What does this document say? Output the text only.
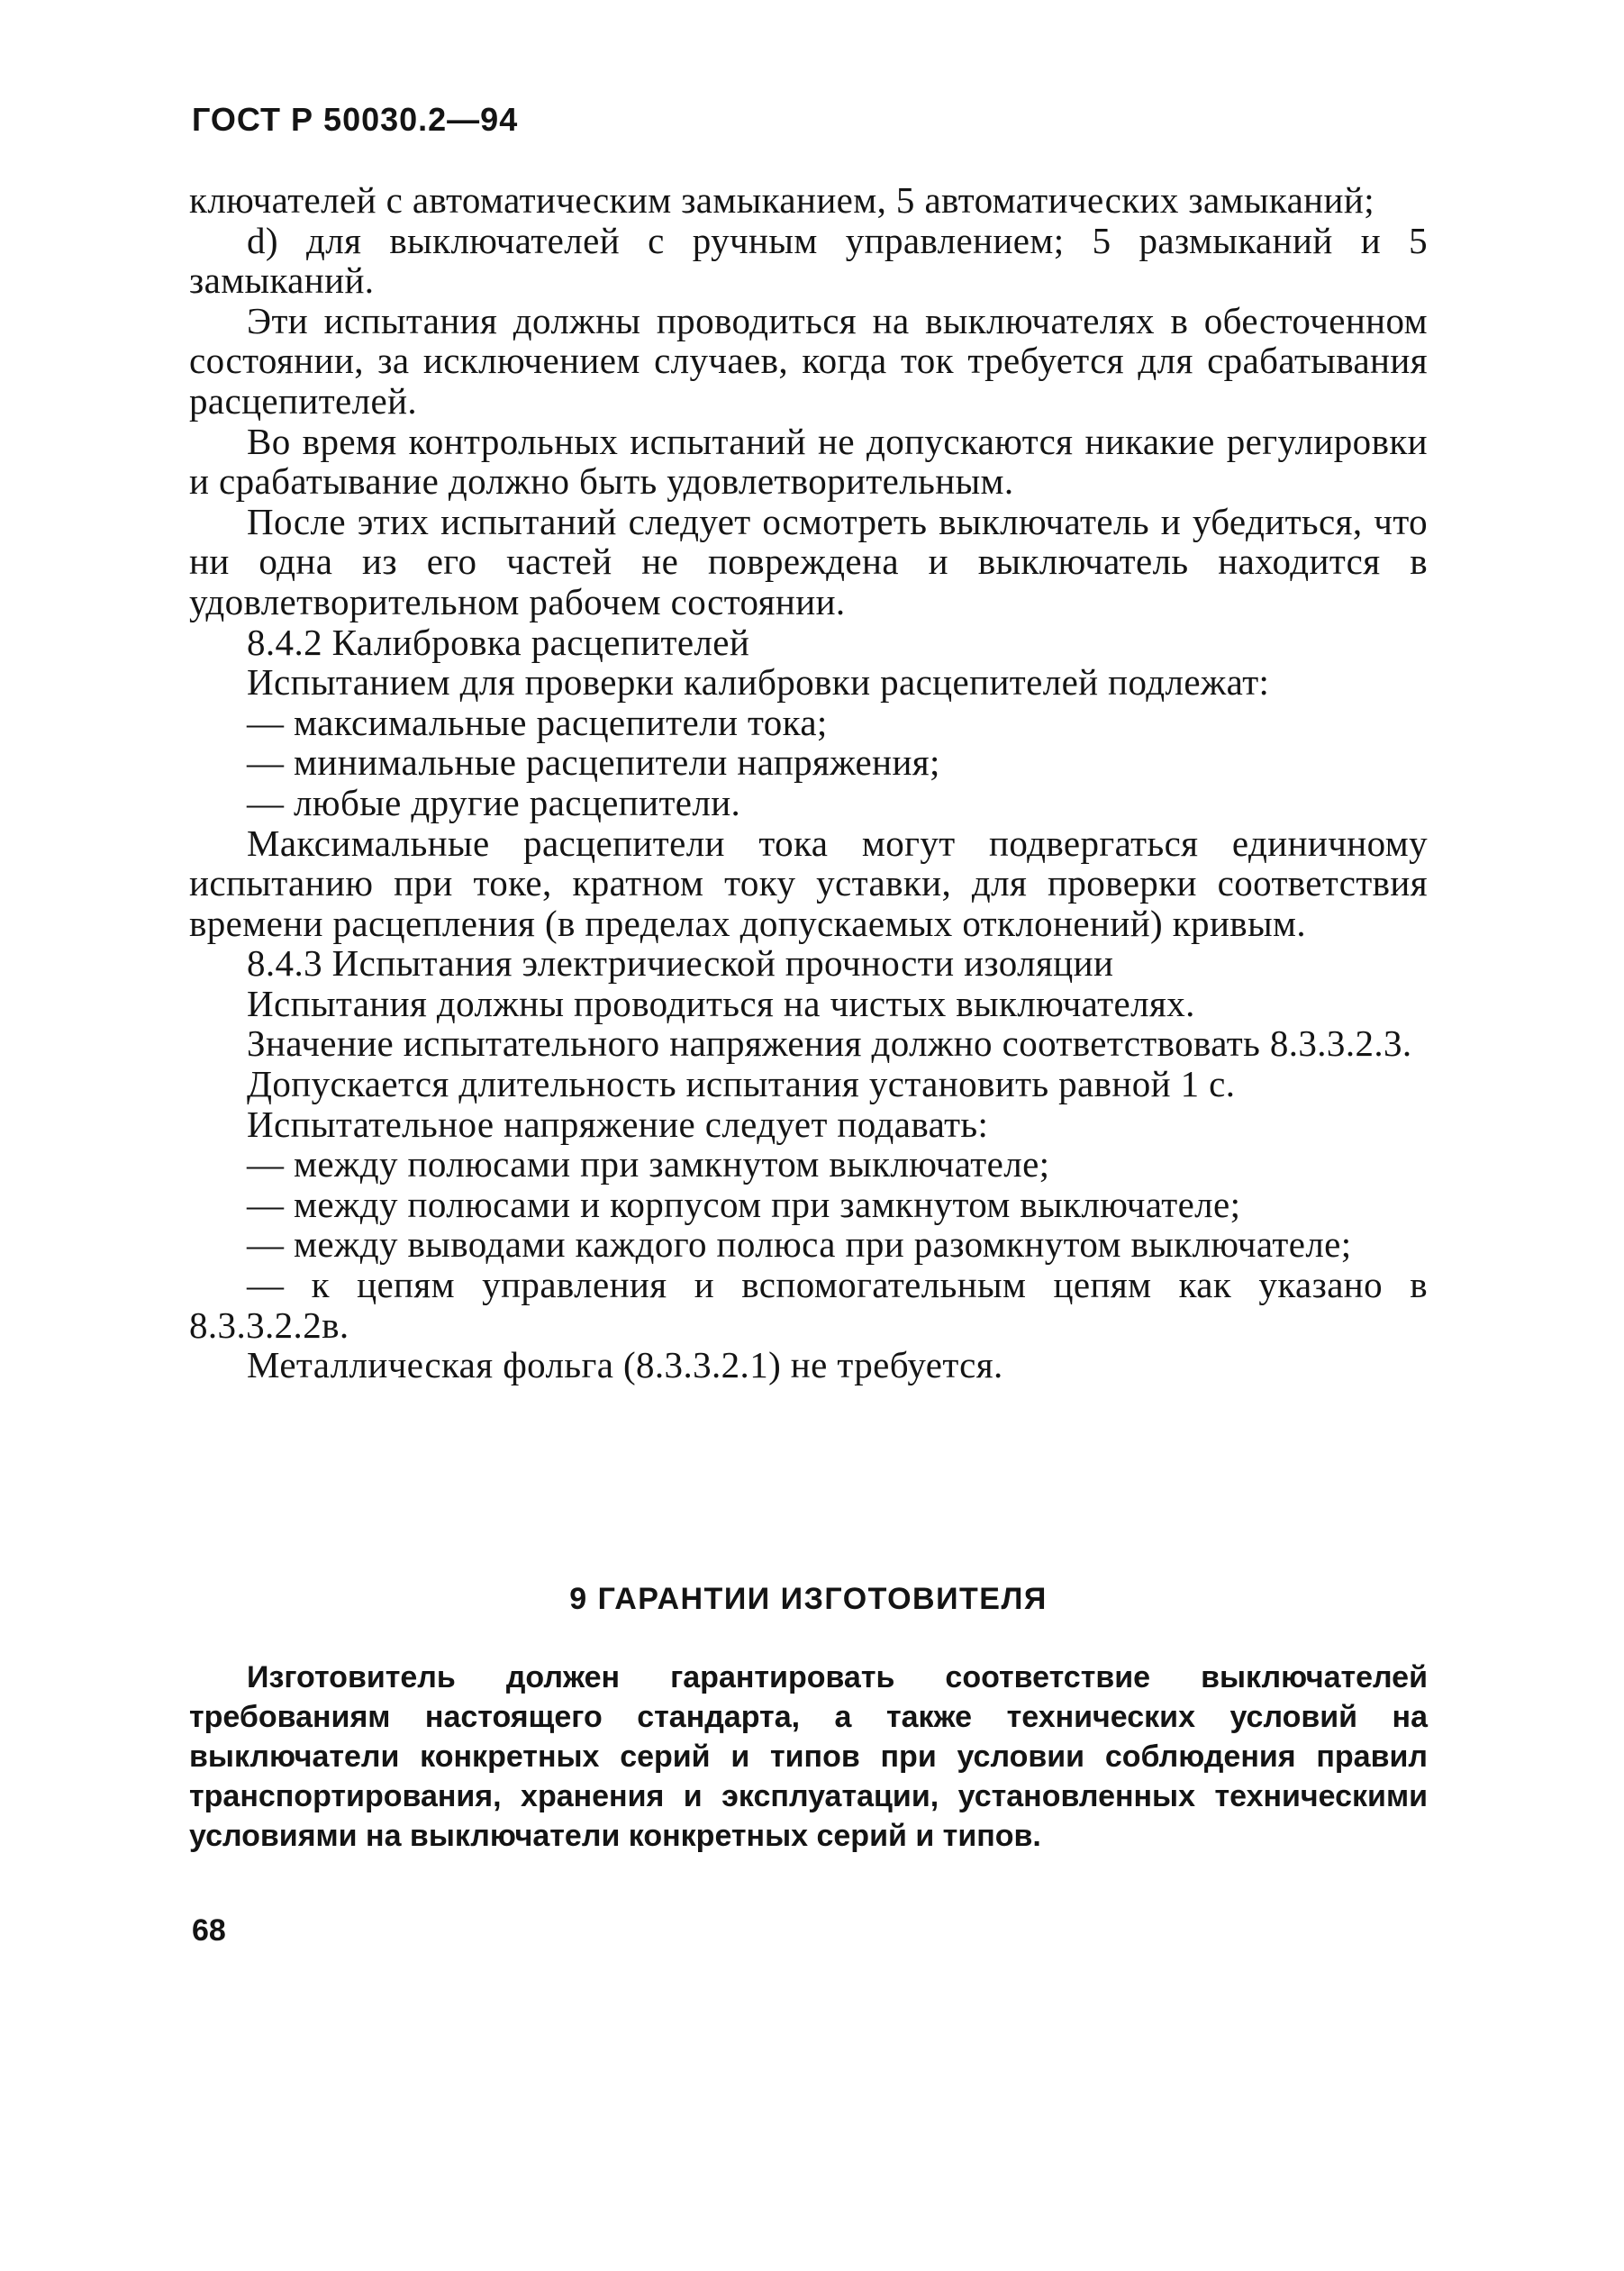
ГОСТ Р 50030.2—94

ключателей с автоматическим замыканием, 5 автоматических замыканий;

d) для выключателей с ручным управлением; 5 размыканий и 5 замыканий.

Эти испытания должны проводиться на выключателях в обесточенном состоянии, за исключением случаев, когда ток требуется для срабатывания расцепителей.

Во время контрольных испытаний не допускаются никакие регулировки и срабатывание должно быть удовлетворительным.

После этих испытаний следует осмотреть выключатель и убедиться, что ни одна из его частей не повреждена и выключатель находится в удовлетворительном рабочем состоянии.

8.4.2 Калибровка расцепителей

Испытанием для проверки калибровки расцепителей подлежат:

— максимальные расцепители тока;

— минимальные расцепители напряжения;

— любые другие расцепители.

Максимальные расцепители тока могут подвергаться единичному испытанию при токе, кратном току уставки, для проверки соответствия времени расцепления (в пределах допускаемых отклонений) кривым.

8.4.3 Испытания электричиеской прочности изоляции

Испытания должны проводиться на чистых выключателях.

Значение испытательного напряжения должно соответствовать 8.3.3.2.3.

Допускается длительность испытания установить равной 1 с.

Испытательное напряжение следует подавать:

— между полюсами при замкнутом выключателе;

— между полюсами и корпусом при замкнутом выключателе;

— между выводами каждого полюса при разомкнутом выключателе;

— к цепям управления и вспомогательным цепям как указано в 8.3.3.2.2в.

Металлическая фольга (8.3.3.2.1) не требуется.

9 ГАРАНТИИ ИЗГОТОВИТЕЛЯ

Изготовитель должен гарантировать соответствие выключателей требованиям настоящего стандарта, а также технических условий на выключатели конкретных серий и типов при условии соблюдения правил транспортирования, хранения и эксплуатации, установленных техническими условиями на выключатели конкретных серий и типов.

68
